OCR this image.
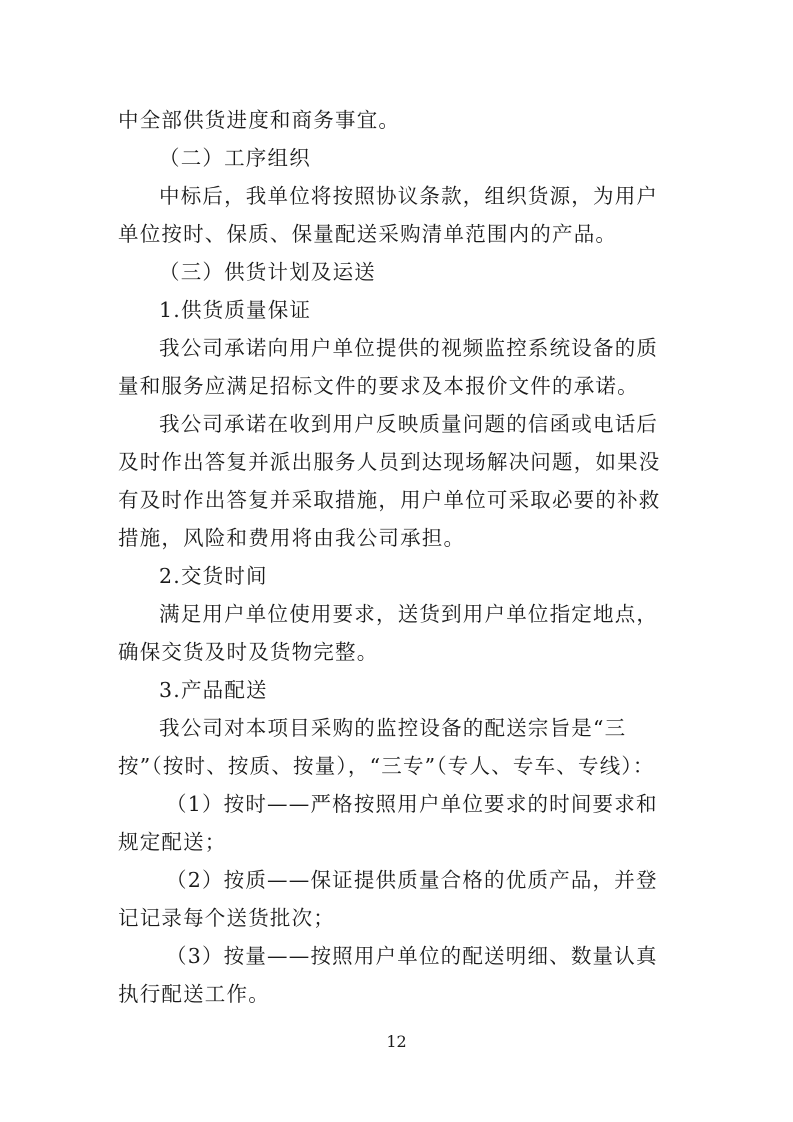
中全部供货进度和商务事宜。

（二）工序组织

中标后，我单位将按照协议条款，组织货源，为用户单位按时、保质、保量配送采购清单范围内的产品。

（三）供货计划及运送

1.供货质量保证

我公司承诺向用户单位提供的视频监控系统设备的质量和服务应满足招标文件的要求及本报价文件的承诺。

我公司承诺在收到用户反映质量问题的信函或电话后及时作出答复并派出服务人员到达现场解决问题，如果没有及时作出答复并采取措施，用户单位可采取必要的补救措施，风险和费用将由我公司承担。

2.交货时间

满足用户单位使用要求，送货到用户单位指定地点，确保交货及时及货物完整。

3.产品配送

我公司对本项目采购的监控设备的配送宗旨是“三按”（按时、按质、按量），“三专”（专人、专车、专线）：

（1）按时——严格按照用户单位要求的时间要求和规定配送；

（2）按质——保证提供质量合格的优质产品，并登记记录每个送货批次；

（3）按量——按照用户单位的配送明细、数量认真执行配送工作。

12
